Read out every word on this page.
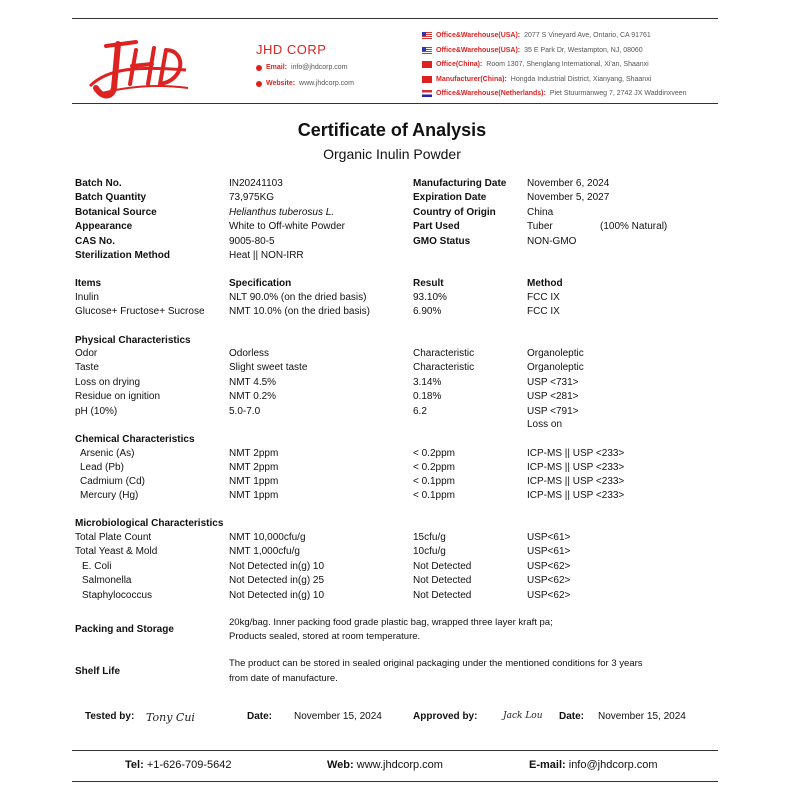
JHD CORP
Email: info@jhdcorp.com
Website: www.jhdcorp.com
Office&Warehouse(USA): 2077 S Vineyard Ave, Ontario, CA 91761
Office&Warehouse(USA): 35 E Park Dr, Westampton, NJ, 08060
Office(China): Room 1307, Shenglang International, Xi'an, Shaanxi
Manufacturer(China): Hongda Industrial District, Xianyang, Shaanxi
Office&Warehouse(Netherlands): Piet Stuurmanweg 7, 2742 JX Waddinxveen
Certificate of Analysis
Organic Inulin Powder
Batch No.	IN20241103
Batch Quantity	73,975KG
Botanical Source	Helianthus tuberosus L.
Appearance	White to Off-white Powder
CAS No.	9005-80-5
Sterilization Method	Heat || NON-IRR
Manufacturing Date November 6, 2024
Expiration Date	November 5, 2027
Country of Origin	China
Part Used	Tuber
GMO Status	NON-GMO
(100% Natural)
Items	Specification	Result	Method
Inulin	NLT 90.0% (on the dried basis)	93.10%	FCC IX
Glucose+ Fructose+ Sucrose NMT 10.0% (on the dried basis)	6.90%	FCC IX
Physical Characteristics
Odor	Odorless	Characteristic	Organoleptic
Taste	Slight sweet taste	Characteristic	Organoleptic
Loss on drying	NMT 4.5%	3.14%	USP <731>
Residue on ignition	NMT 0.2%	0.18%	USP <281>
pH (10%)	5.0-7.0	6.2	USP <791>
Loss on
Chemical Characteristics
Arsenic (As)	NMT 2ppm	< 0.2ppm	ICP-MS || USP <233>
Lead (Pb)	NMT 2ppm	< 0.2ppm	ICP-MS || USP <233>
Cadmium (Cd)	NMT 1ppm	< 0.1ppm	ICP-MS || USP <233>
Mercury (Hg)	NMT 1ppm	< 0.1ppm	ICP-MS || USP <233>
Microbiological Characteristics
Total Plate Count	NMT 10,000cfu/g	15cfu/g	USP<61>
Total Yeast & Mold	NMT 1,000cfu/g	10cfu/g	USP<61>
E. Coli	Not Detected in(g) 10	Not Detected	USP<62>
Salmonella	Not Detected in(g) 25	Not Detected	USP<62>
Staphylococcus	Not Detected in(g) 10	Not Detected	USP<62>
Packing and Storage
20kg/bag. Inner packing food grade plastic bag, wrapped three layer kraft pa;
Products sealed, stored at room temperature.
Shelf Life
The product can be stored in sealed original packaging under the mentioned conditions for 3 years
from date of manufacture.
Tested by: Tony Cui	Date: November 15, 2024	Approved by:	Jack Lou Date: November 15, 2024
Tel: +1-626-709-5642	Web: www.jhdcorp.com	E-mail: info@jhdcorp.com
